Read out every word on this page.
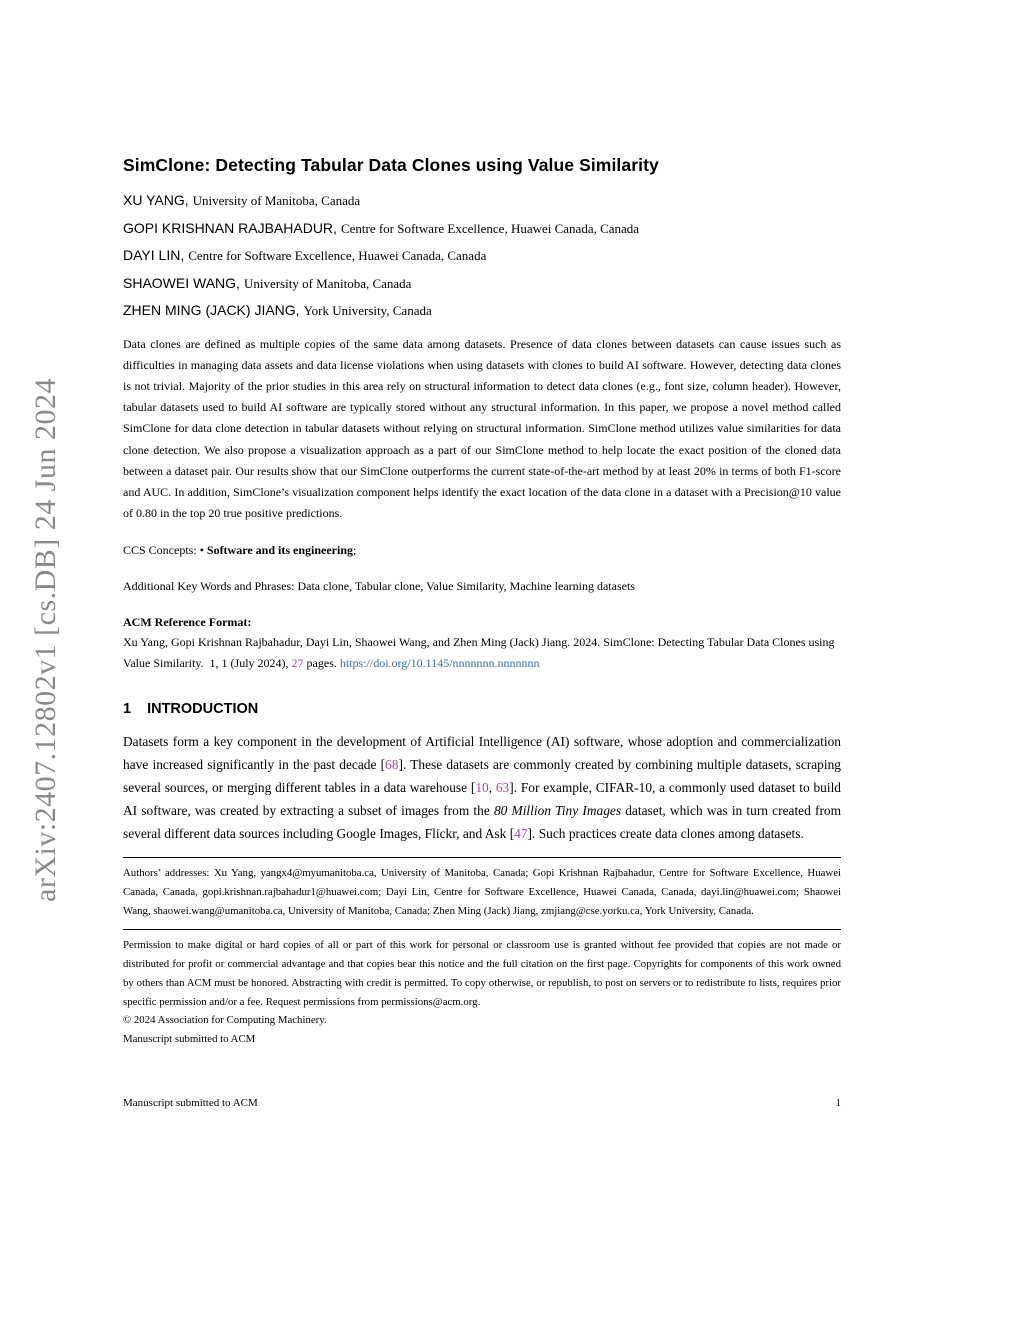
arXiv:2407.12802v1 [cs.DB] 24 Jun 2024
SimClone: Detecting Tabular Data Clones using Value Similarity
XU YANG, University of Manitoba, Canada
GOPI KRISHNAN RAJBAHADUR, Centre for Software Excellence, Huawei Canada, Canada
DAYI LIN, Centre for Software Excellence, Huawei Canada, Canada
SHAOWEI WANG, University of Manitoba, Canada
ZHEN MING (JACK) JIANG, York University, Canada

Data clones are defined as multiple copies of the same data among datasets. Presence of data clones between datasets can cause issues such as difficulties in managing data assets and data license violations when using datasets with clones to build AI software. However, detecting data clones is not trivial. Majority of the prior studies in this area rely on structural information to detect data clones (e.g., font size, column header). However, tabular datasets used to build AI software are typically stored without any structural information. In this paper, we propose a novel method called SimClone for data clone detection in tabular datasets without relying on structural information. SimClone method utilizes value similarities for data clone detection. We also propose a visualization approach as a part of our SimClone method to help locate the exact position of the cloned data between a dataset pair. Our results show that our SimClone outperforms the current state-of-the-art method by at least 20% in terms of both F1-score and AUC. In addition, SimClone’s visualization component helps identify the exact location of the data clone in a dataset with a Precision@10 value of 0.80 in the top 20 true positive predictions.

CCS Concepts: • Software and its engineering;

Additional Key Words and Phrases: Data clone, Tabular clone, Value Similarity, Machine learning datasets

ACM Reference Format:
Xu Yang, Gopi Krishnan Rajbahadur, Dayi Lin, Shaowei Wang, and Zhen Ming (Jack) Jiang. 2024. SimClone: Detecting Tabular Data Clones using Value Similarity.  1, 1 (July 2024), 27 pages. https://doi.org/10.1145/nnnnnnn.nnnnnnn
1 INTRODUCTION

Datasets form a key component in the development of Artificial Intelligence (AI) software, whose adoption and commercialization have increased significantly in the past decade [68]. These datasets are commonly created by combining multiple datasets, scraping several sources, or merging different tables in a data warehouse [10, 63]. For example, CIFAR-10, a commonly used dataset to build AI software, was created by extracting a subset of images from the 80 Million Tiny Images dataset, which was in turn created from several different data sources including Google Images, Flickr, and Ask [47]. Such practices create data clones among datasets.

Authors’ addresses: Xu Yang, yangx4@myumanitoba.ca, University of Manitoba, Canada; Gopi Krishnan Rajbahadur, Centre for Software Excellence, Huawei Canada, Canada, gopi.krishnan.rajbahadur1@huawei.com; Dayi Lin, Centre for Software Excellence, Huawei Canada, Canada, dayi.lin@huawei.com; Shaowei Wang, shaowei.wang@umanitoba.ca, University of Manitoba, Canada; Zhen Ming (Jack) Jiang, zmjiang@cse.yorku.ca, York University, Canada.

Permission to make digital or hard copies of all or part of this work for personal or classroom use is granted without fee provided that copies are not made or distributed for profit or commercial advantage and that copies bear this notice and the full citation on the first page. Copyrights for components of this work owned by others than ACM must be honored. Abstracting with credit is permitted. To copy otherwise, or republish, to post on servers or to redistribute to lists, requires prior specific permission and/or a fee. Request permissions from permissions@acm.org.

© 2024 Association for Computing Machinery.

Manuscript submitted to ACM

Manuscript submitted to ACM	1
